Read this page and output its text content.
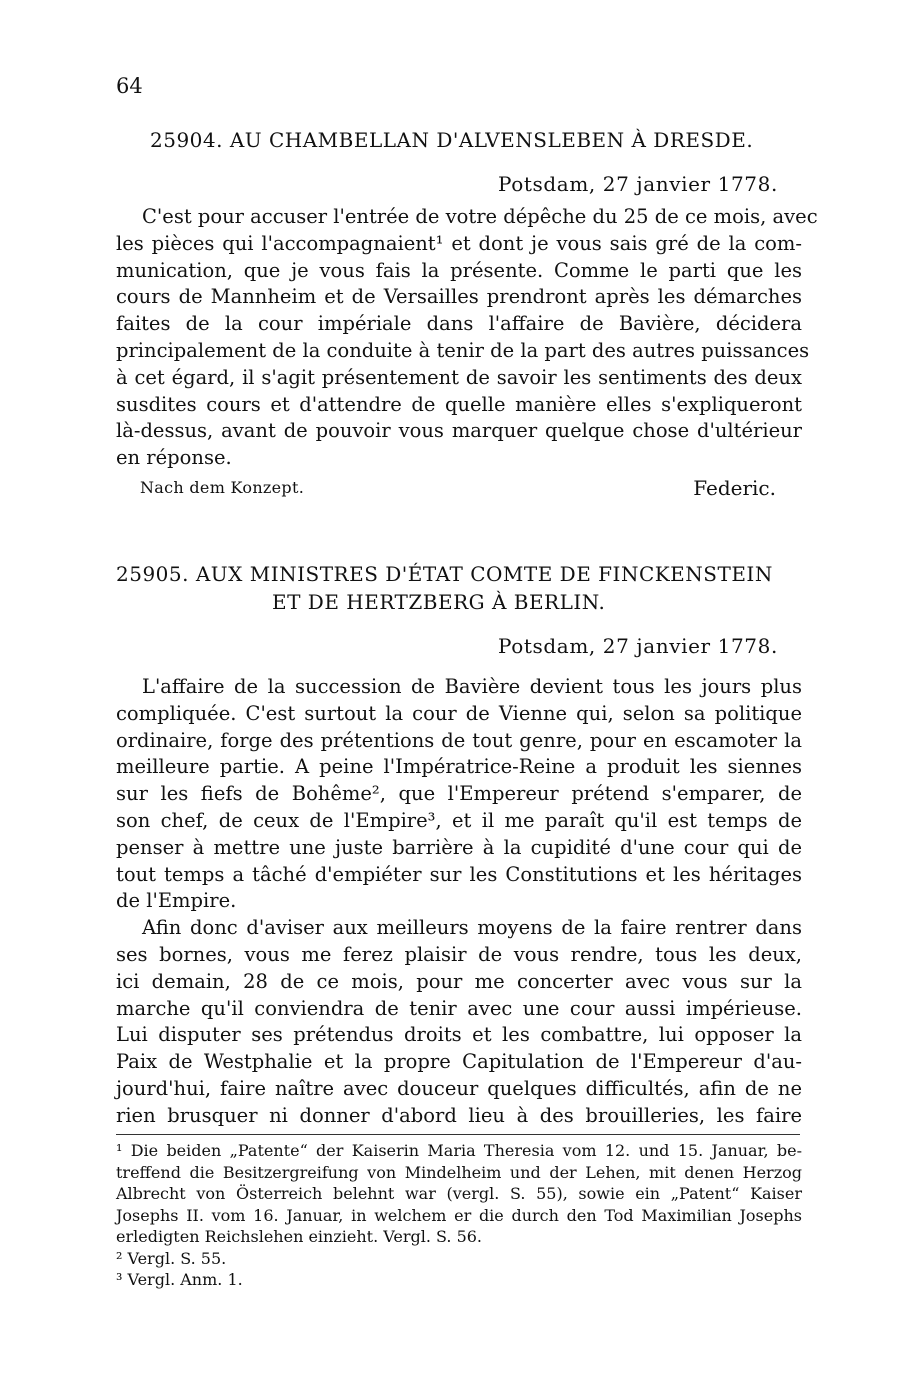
64
25904. AU CHAMBELLAN D'ALVENSLEBEN À DRESDE.
Potsdam, 27 janvier 1778.
C'est pour accuser l'entrée de votre dépêche du 25 de ce mois, avec
les pièces qui l'accompagnaient¹ et dont je vous sais gré de la com-
munication, que je vous fais la présente. Comme le parti que les
cours de Mannheim et de Versailles prendront après les démarches
faites de la cour impériale dans l'affaire de Bavière, décidera
principalement de la conduite à tenir de la part des autres puissances
à cet égard, il s'agit présentement de savoir les sentiments des deux
susdites cours et d'attendre de quelle manière elles s'expliqueront
là-dessus, avant de pouvoir vous marquer quelque chose d'ultérieur
en réponse.
Nach dem Konzept.	Federic.
25905. AUX MINISTRES D'ÉTAT COMTE DE FINCKENSTEIN
ET DE HERTZBERG À BERLIN.
Potsdam, 27 janvier 1778.
L'affaire de la succession de Bavière devient tous les jours plus
compliquée. C'est surtout la cour de Vienne qui, selon sa politique
ordinaire, forge des prétentions de tout genre, pour en escamoter la
meilleure partie. A peine l'Impératrice-Reine a produit les siennes
sur les fiefs de Bohême², que l'Empereur prétend s'emparer, de
son chef, de ceux de l'Empire³, et il me paraît qu'il est temps de
penser à mettre une juste barrière à la cupidité d'une cour qui de
tout temps a tâché d'empiéter sur les Constitutions et les héritages
de l'Empire.
Afin donc d'aviser aux meilleurs moyens de la faire rentrer dans
ses bornes, vous me ferez plaisir de vous rendre, tous les deux,
ici demain, 28 de ce mois, pour me concerter avec vous sur la
marche qu'il conviendra de tenir avec une cour aussi impérieuse.
Lui disputer ses prétendus droits et les combattre, lui opposer la
Paix de Westphalie et la propre Capitulation de l'Empereur d'au-
jourd'hui, faire naître avec douceur quelques difficultés, afin de ne
rien brusquer ni donner d'abord lieu à des brouilleries, les faire
¹ Die beiden „Patente“ der Kaiserin Maria Theresia vom 12. und 15. Januar, be-
treffend die Besitzergreifung von Mindelheim und der Lehen, mit denen Herzog
Albrecht von Österreich belehnt war (vergl. S. 55), sowie ein „Patent“ Kaiser
Josephs II. vom 16. Januar, in welchem er die durch den Tod Maximilian Josephs
erledigten Reichslehen einzieht. Vergl. S. 56.
² Vergl. S. 55.
³ Vergl. Anm. 1.
